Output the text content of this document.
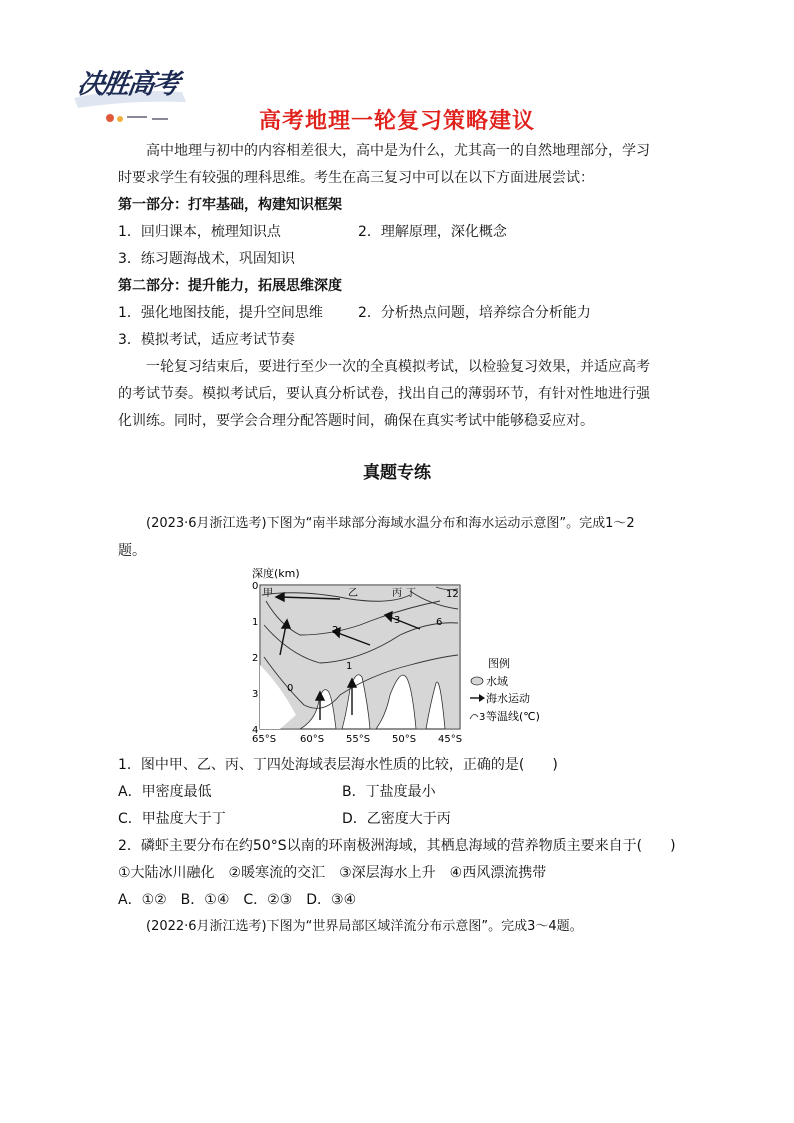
决胜高考
高考地理一轮复习策略建议
高中地理与初中的内容相差很大，高中是为什么，尤其高一的自然地理部分，学习
时要求学生有较强的理科思维。考生在高三复习中可以在以下方面进展尝试：
第一部分：打牢基础，构建知识框架
1．回归课本，梳理知识点	2．理解原理，深化概念
3．练习题海战术，巩固知识
第二部分：提升能力，拓展思维深度
1．强化地图技能，提升空间思维	2．分析热点问题，培养综合分析能力
3．模拟考试，适应考试节奏
一轮复习结束后，要进行至少一次的全真模拟考试，以检验复习效果，并适应高考
的考试节奏。模拟考试后，要认真分析试卷，找出自己的薄弱环节，有针对性地进行强
化训练。同时，要学会合理分配答题时间，确保在真实考试中能够稳妥应对。
真题专练
(2023·6月浙江选考)下图为“南半球部分海域水温分布和海水运动示意图”。完成1～2
题。
深度(km)
甲	乙	丙 丁
0
1
2
3	6
12
0
1
2
3
4
65°S 60°S 55°S 50°S 45°S
图例
水域
海水运动
3 等温线(℃)
1．图中甲、乙、丙、丁四处海域表层海水性质的比较，正确的是(　　)
A．甲密度最低	B．丁盐度最小
C．甲盐度大于丁	D．乙密度大于丙
2．磷虾主要分布在约50°S以南的环南极洲海域，其栖息海域的营养物质主要来自于(　　)
①大陆冰川融化　②暖寒流的交汇　③深层海水上升　④西风漂流携带
A．①②　B．①④　C．②③　D．③④
(2022·6月浙江选考)下图为“世界局部区域洋流分布示意图”。完成3～4题。
